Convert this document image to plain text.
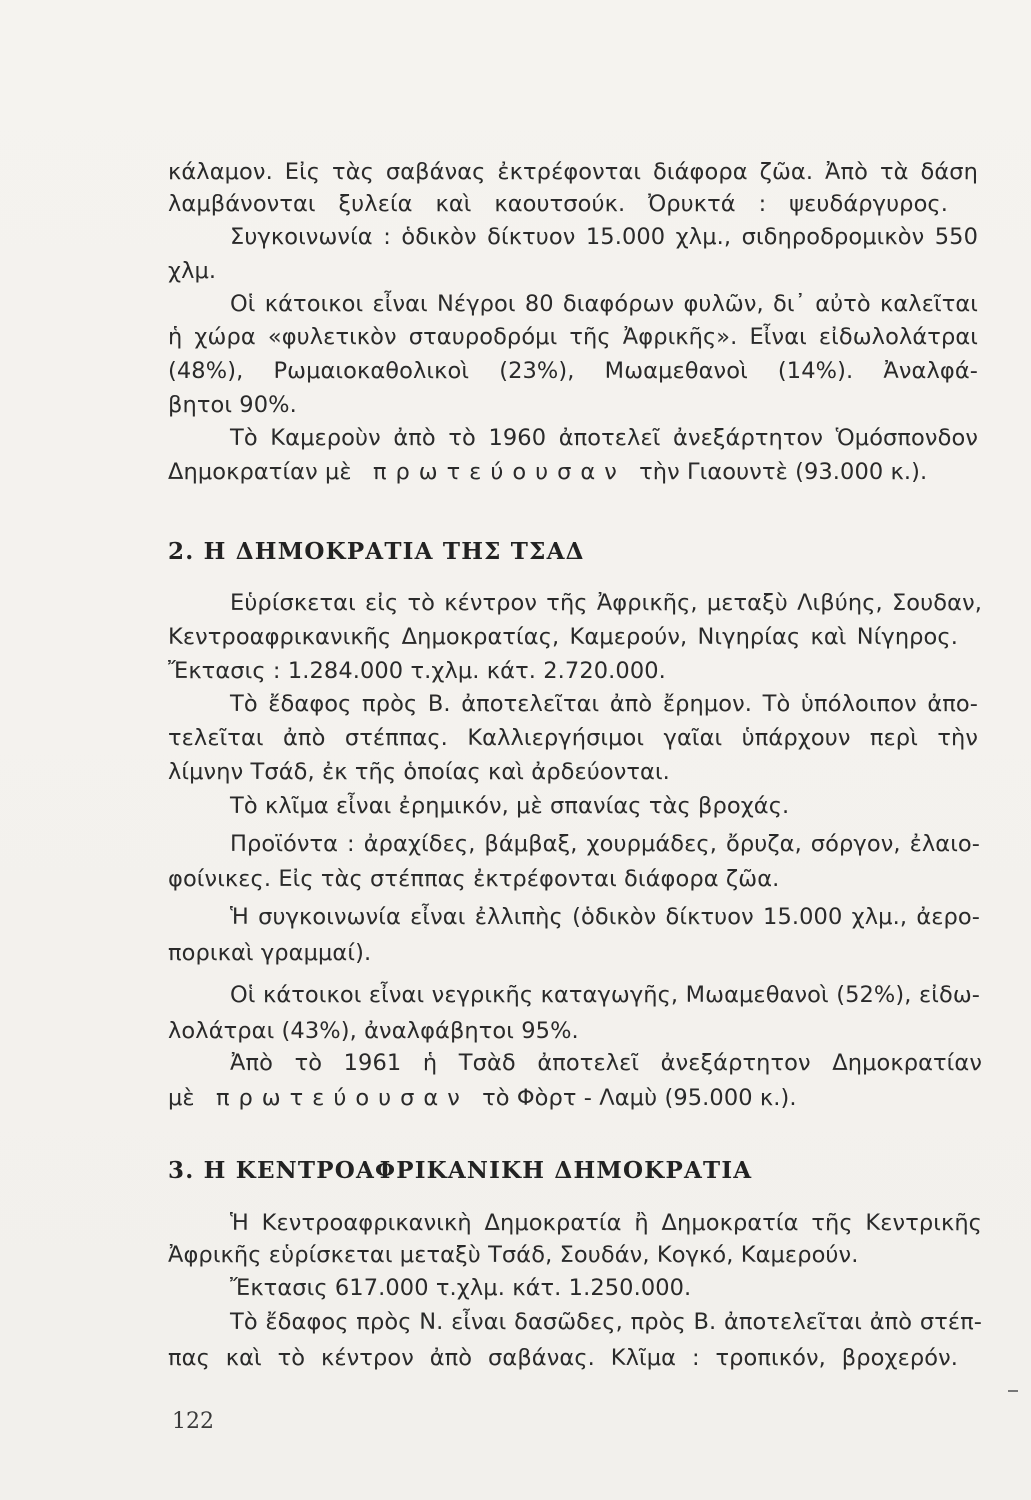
κάλαμον. Εἰς τὰς σαβάνας ἐκτρέφονται διάφορα ζῶα. Ἀπὸ τὰ δάση
λαμβάνονται ξυλεία καὶ καουτσούκ. Ὀρυκτά : ψευδάργυρος.
Συγκοινωνία : ὁδικὸν δίκτυον 15.000 χλμ., σιδηροδρομικὸν 550
χλμ.
Οἱ κάτοικοι εἶναι Νέγροι 80 διαφόρων φυλῶν, δι᾽ αὐτὸ καλεῖται
ἡ χώρα «φυλετικὸν σταυροδρόμι τῆς Ἀφρικῆς». Εἶναι εἰδωλολάτραι
(48%), Ρωμαιοκαθολικοὶ (23%), Μωαμεθανοὶ (14%). Ἀναλφά-
βητοι 90%.
Τὸ Καμεροὺν ἀπὸ τὸ 1960 ἀποτελεῖ ἀνεξάρτητον Ὁμόσπονδον
Δημοκρατίαν μὲ πρωτεύουσαν τὴν Γιαουντὲ (93.000 κ.).
2. Η ΔΗΜΟΚΡΑΤΙΑ ΤΗΣ ΤΣΑΔ
Εὑρίσκεται εἰς τὸ κέντρον τῆς Ἀφρικῆς, μεταξὺ Λιβύης, Σουδαν,
Κεντροαφρικανικῆς Δημοκρατίας, Καμερούν, Νιγηρίας καὶ Νίγηρος.
Ἔκτασις : 1.284.000 τ.χλμ. κάτ. 2.720.000.
Τὸ ἔδαφος πρὸς Β. ἀποτελεῖται ἀπὸ ἔρημον. Τὸ ὑπόλοιπον ἀπο-
τελεῖται ἀπὸ στέππας. Καλλιεργήσιμοι γαῖαι ὑπάρχουν περὶ τὴν
λίμνην Τσάδ, ἐκ τῆς ὁποίας καὶ ἀρδεύονται.
Τὸ κλῖμα εἶναι ἐρημικόν, μὲ σπανίας τὰς βροχάς.
Προϊόντα : ἀραχίδες, βάμβαξ, χουρμάδες, ὄρυζα, σόργον, ἐλαιο-
φοίνικες. Εἰς τὰς στέππας ἐκτρέφονται διάφορα ζῶα.
Ἡ συγκοινωνία εἶναι ἐλλιπὴς (ὁδικὸν δίκτυον 15.000 χλμ., ἀερο-
πορικαὶ γραμμαί).
Οἱ κάτοικοι εἶναι νεγρικῆς καταγωγῆς, Μωαμεθανοὶ (52%), εἰδω-
λολάτραι (43%), ἀναλφάβητοι 95%.
Ἀπὸ τὸ 1961 ἡ Τσὰδ ἀποτελεῖ ἀνεξάρτητον Δημοκρατίαν
μὲ πρωτεύουσαν τὸ Φὸρτ - Λαμὺ (95.000 κ.).
3. Η ΚΕΝΤΡΟΑΦΡΙΚΑΝΙΚΗ ΔΗΜΟΚΡΑΤΙΑ
Ἡ Κεντροαφρικανικὴ Δημοκρατία ἢ Δημοκρατία τῆς Κεντρικῆς
Ἀφρικῆς εὑρίσκεται μεταξὺ Τσάδ, Σουδάν, Κογκό, Καμερούν.
Ἔκτασις 617.000 τ.χλμ. κάτ. 1.250.000.
Τὸ ἔδαφος πρὸς Ν. εἶναι δασῶδες, πρὸς Β. ἀποτελεῖται ἀπὸ στέπ-
πας καὶ τὸ κέντρον ἀπὸ σαβάνας. Κλῖμα : τροπικόν, βροχερόν.
122
